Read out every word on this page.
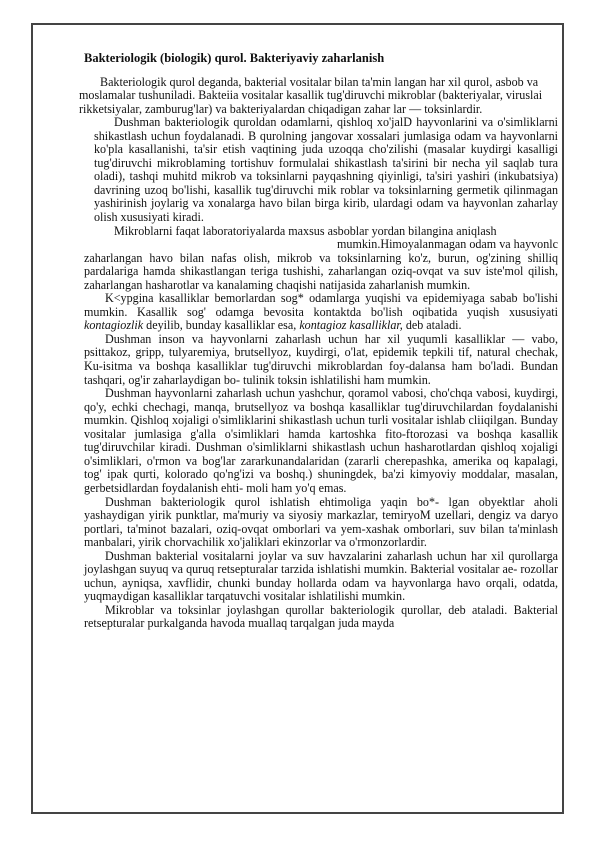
Bakteriologik (biologik) qurol. Bakteriyaviy zaharlanish

Bakteriologik qurol deganda, bakterial vositalar bilan ta'min langan har xil qurol, asbob va moslamalar tushuniladi. Bakteiia vositalar kasallik tug'diruvchi mikroblar (bakteriyalar, viruslai rikketsiyalar, zamburug'lar) va bakteriyalardan chiqadigan zahar lar — toksinlardir.

Dushman bakteriologik quroldan odamlarni, qishloq xo'jalD hayvonlarini va o'simliklarni shikastlash uchun foydalanadi. B qurolning jangovar xossalari jumlasiga odam va hayvonlarni ko'pla kasallanishi, ta'sir etish vaqtining juda uzoqqa cho'zilishi (masalar kuydirgi kasalligi tug'diruvchi mikroblaming tortishuv formulalai shikastlash ta'sirini bir necha yil saqlab tura oladi), tashqi muhitd mikrob va toksinlarni payqashning qiyinligi, ta'siri yashiri (inkubatsiya) davrining uzoq bo'lishi, kasallik tug'diruvchi mik roblar va toksinlarning germetik qilinmagan yashirinish joylarig va xonalarga havo bilan birga kirib, ulardagi odam va hayvonlan zaharlay olish xususiyati kiradi.

Mikroblarni faqat laboratoriyalarda maxsus asboblar yordan bilangina aniqlash

mumkin.Himoyalanmagan odam va hayvonlc

zaharlangan havo bilan nafas olish, mikrob va toksinlarning ko'z, burun, og'zining shilliq pardalariga hamda shikastlangan teriga tushishi, zaharlangan oziq-ovqat va suv iste'mol qilish, zaharlangan hasharotlar va kanalaming chaqishi natijasida zaharlanish mumkin.

K<ypgina kasalliklar bemorlardan sog* odamlarga yuqishi va epidemiyaga sabab bo'lishi mumkin. Kasallik sog' odamga bevosita kontaktda bo'lish oqibatida yuqish xususiyati kontagiozlik deyilib, bunday kasalliklar esa, kontagioz kasalliklar, deb ataladi.

Dushman inson va hayvonlarni zaharlash uchun har xil yuqumli kasalliklar — vabo, psittakoz, gripp, tulyaremiya, brutsellyoz, kuydirgi, o'lat, epidemik tepkili tif, natural chechak, Ku-isitma va boshqa kasalliklar tug'diruvchi mikroblardan foy-dalansa ham bo'ladi. Bundan tashqari, og'ir zaharlaydigan bo- tulinik toksin ishlatilishi ham mumkin.

Dushman hayvonlarni zaharlash uchun yashchur, qoramol vabosi, cho'chqa vabosi, kuydirgi, qo'y, echki chechagi, manqa, brutsellyoz va boshqa kasalliklar tug'diruvchilardan foydalanishi mumkin. Qishloq xojaligi o'simliklarini shikastlash uchun turli vositalar ishlab cliiqilgan. Bunday vositalar jumlasiga g'alla o'simliklari hamda kartoshka fito-ftorozasi va boshqa kasallik tug'diruvchilar kiradi. Dushman o'simliklarni shikastlash uchun hasharotlardan qishloq xojaligi o'simliklari, o'rmon va bog'lar zararkunandalaridan (zararli cherepashka, amerika oq kapalagi, tog' ipak qurti, kolorado qo'ng'izi va boshq.) shuningdek, ba'zi kimyoviy moddalar, masalan, gerbetsidlardan foydalanish ehti- moli ham yo'q emas.

Dushman bakteriologik qurol ishlatish ehtimoliga yaqin bo*- lgan obyektlar aholi yashaydigan yirik punktlar, ma'muriy va siyosiy markazlar, temiryoM uzellari, dengiz va daryo portlari, ta'minot bazalari, oziq-ovqat omborlari va yem-xashak omborlari, suv bilan ta'minlash manbalari, yirik chorvachilik xo'jaliklari ekinzorlar va o'rmonzorlardir.

Dushman bakterial vositalarni joylar va suv havzalarini zaharlash uchun har xil qurollarga joylashgan suyuq va quruq retsepturalar tarzida ishlatishi mumkin. Bakterial vositalar ae- rozollar uchun, ayniqsa, xavflidir, chunki bunday hollarda odam va hayvonlarga havo orqali, odatda, yuqmaydigan kasalliklar tarqatuvchi vositalar ishlatilishi mumkin.

Mikroblar va toksinlar joylashgan qurollar bakteriologik qurollar, deb ataladi. Bakterial retsepturalar purkalganda havoda muallaq tarqalgan juda mayda
